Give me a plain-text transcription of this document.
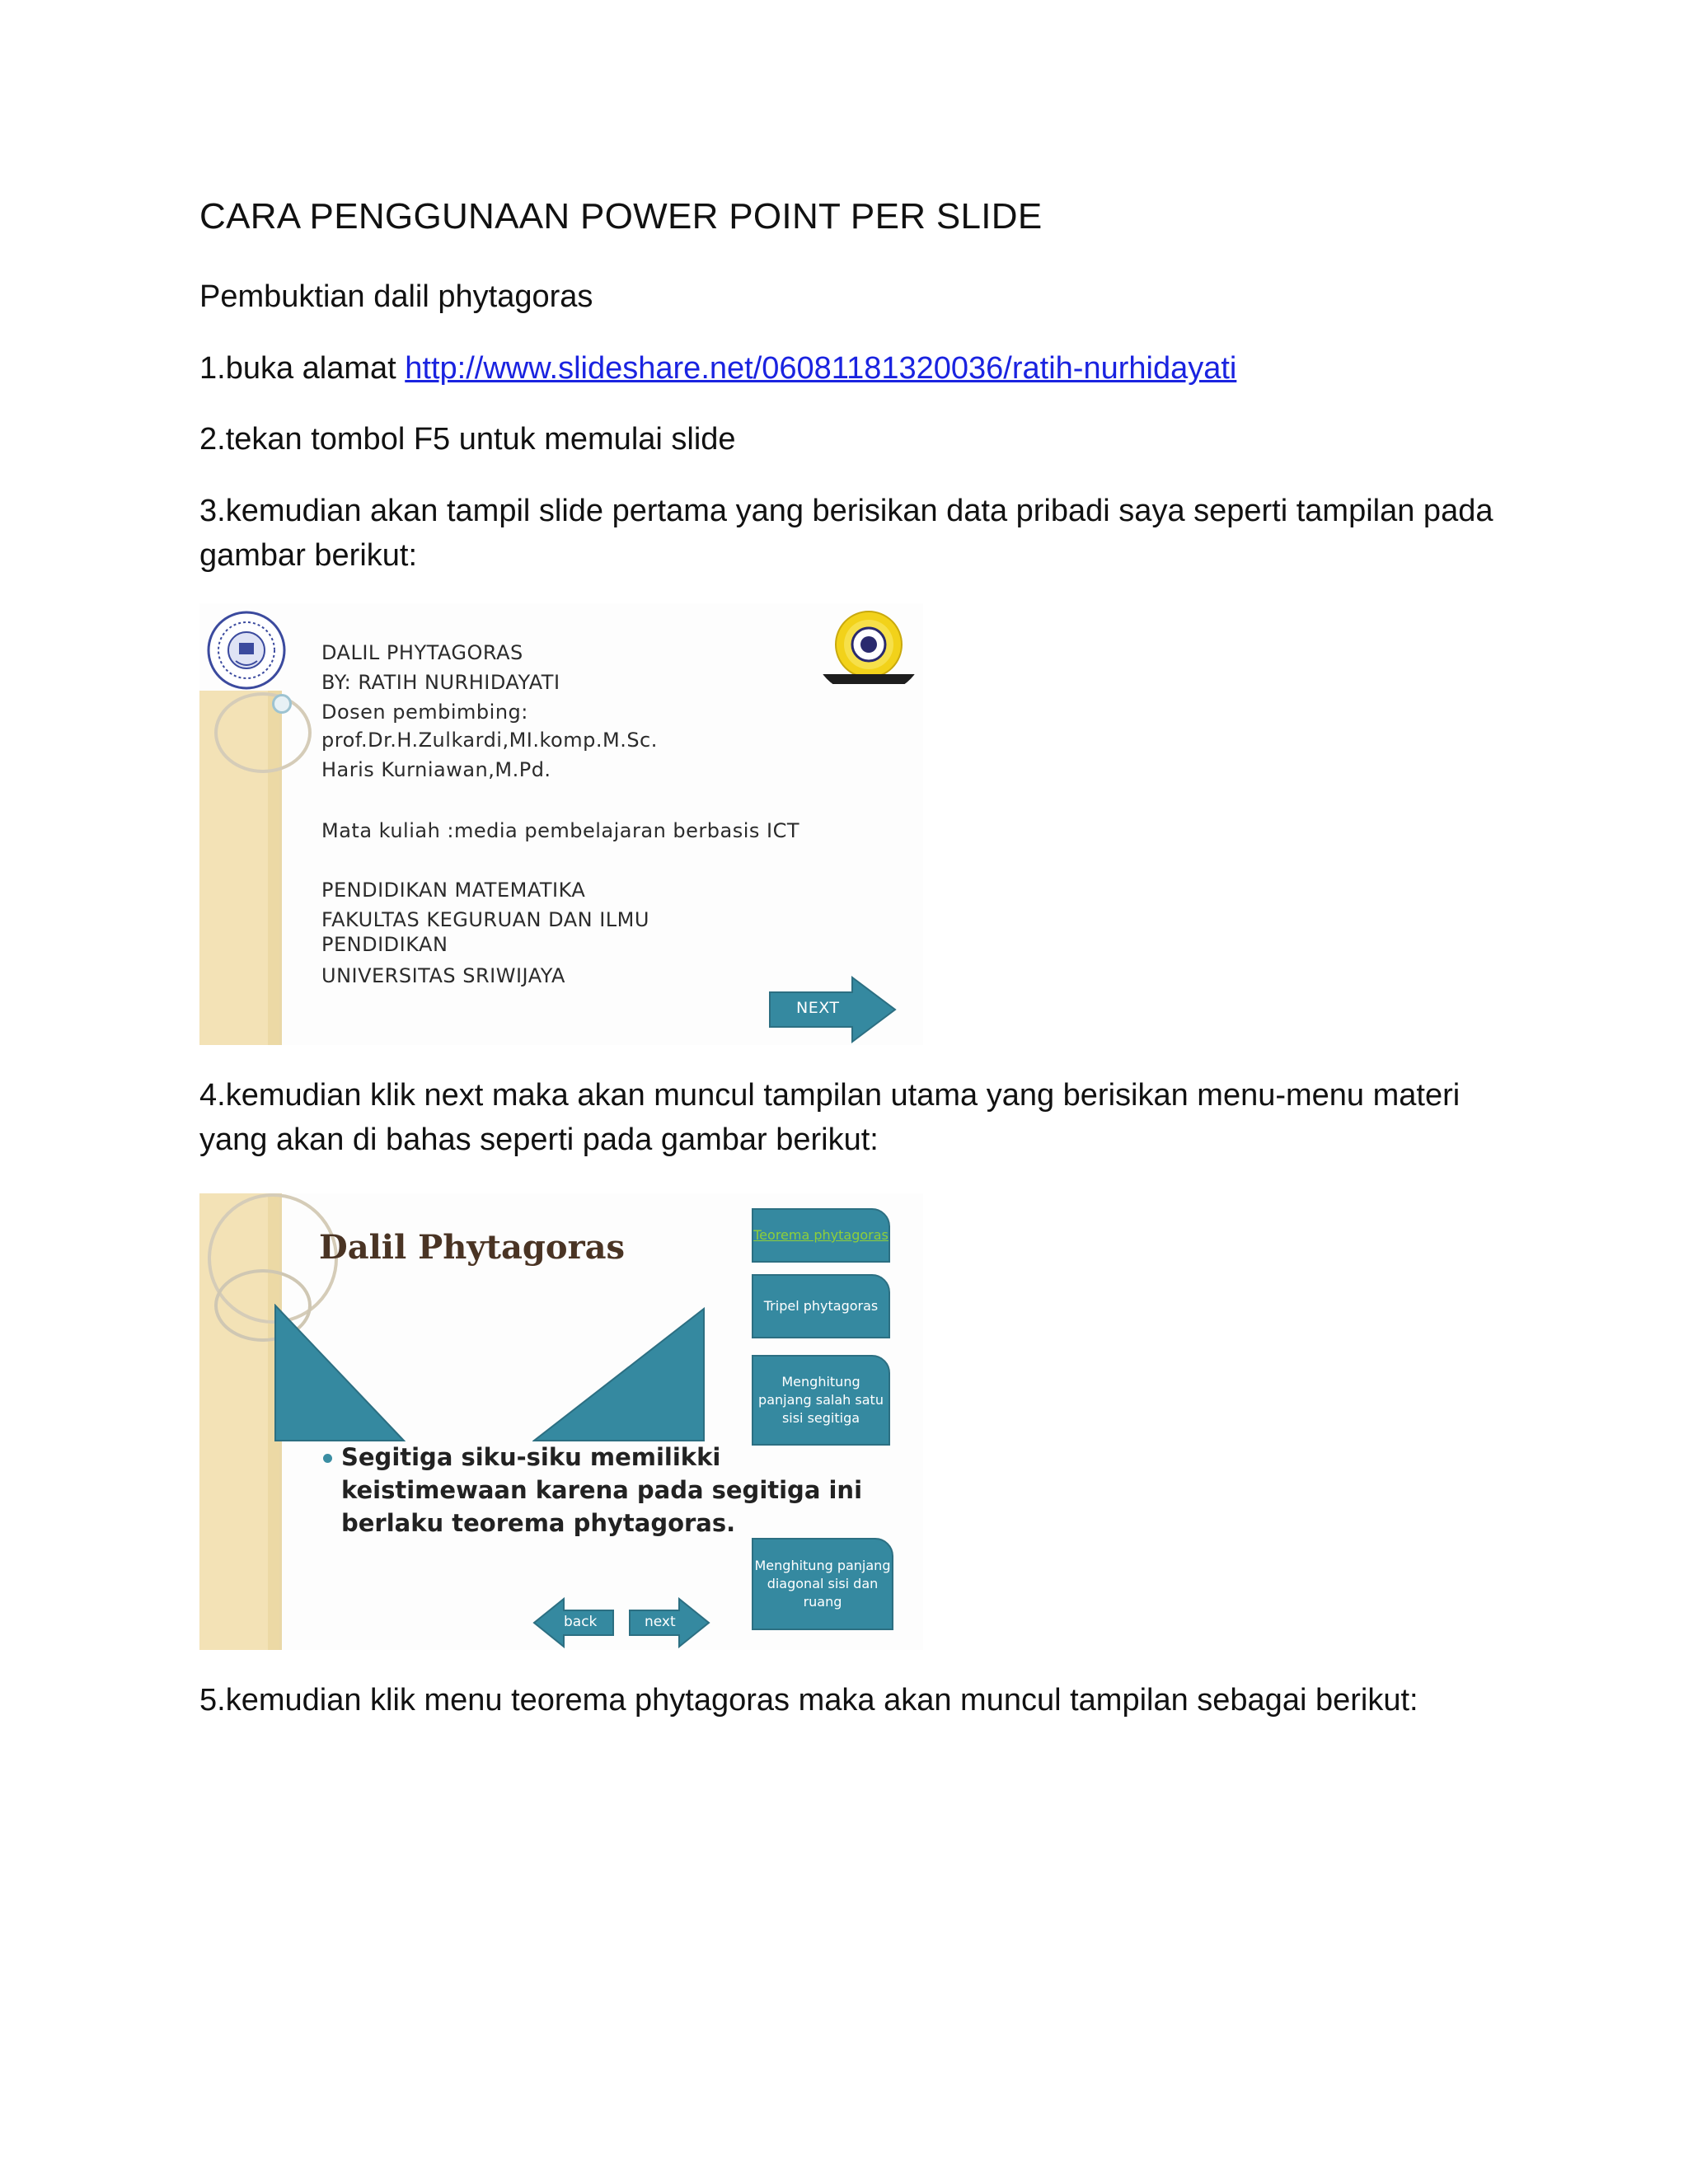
CARA PENGGUNAAN POWER POINT PER SLIDE

Pembuktian dalil phytagoras

1.buka alamat http://www.slideshare.net/06081181320036/ratih-nurhidayati

2.tekan tombol F5 untuk memulai slide

3.kemudian akan tampil slide pertama yang berisikan data pribadi saya seperti tampilan pada gambar berikut:

DALIL PHYTAGORAS
BY: RATIH NURHIDAYATI
Dosen pembimbing:
prof.Dr.H.Zulkardi,MI.komp.M.Sc.
Haris Kurniawan,M.Pd.
Mata kuliah :media pembelajaran berbasis ICT
PENDIDIKAN MATEMATIKA
FAKULTAS KEGURUAN DAN ILMU
PENDIDIKAN
UNIVERSITAS SRIWIJAYA
NEXT

4.kemudian klik next maka akan muncul tampilan utama yang berisikan menu-menu materi yang akan di bahas seperti pada gambar berikut:

Dalil Phytagoras
Segitiga siku-siku memilikki keistimewaan karena pada segitiga ini berlaku teorema phytagoras.
Teorema phytagoras
Tripel phytagoras
Menghitung panjang salah satu sisi segitiga
Menghitung panjang diagonal sisi dan ruang
back	next

5.kemudian klik menu teorema phytagoras maka akan muncul tampilan sebagai berikut:
